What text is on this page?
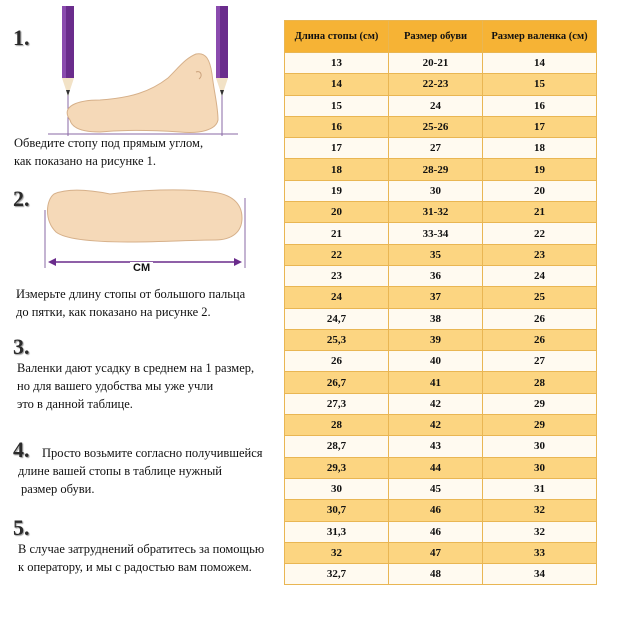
CM
1.
Обведите стопу под прямым углом,
как показано на рисунке 1.
2.
Измерьте длину стопы от большого пальца
до пятки, как показано на рисунке 2.
3.
Валенки дают усадку в среднем на 1 размер,
но для вашего удобства мы уже учли
это в данной таблице.
4. Просто возьмите согласно получившейся
длине вашей стопы в таблице нужный
размер обуви.
5.
В случае затруднений обратитесь за помощью
к оператору, и мы с радостью вам поможем.
Длина стопы (см)	Размер обуви	Размер валенка (см)
13	20-21	14
14	22-23	15
15	24	16
16	25-26	17
17	27	18
18	28-29	19
19	30	20
20	31-32	21
21	33-34	22
22	35	23
23	36	24
24	37	25
24,7	38	26
25,3	39	26
26	40	27
26,7	41	28
27,3	42	29
28	42	29
28,7	43	30
29,3	44	30
30	45	31
30,7	46	32
31,3	46	32
32	47	33
32,7	48	34
